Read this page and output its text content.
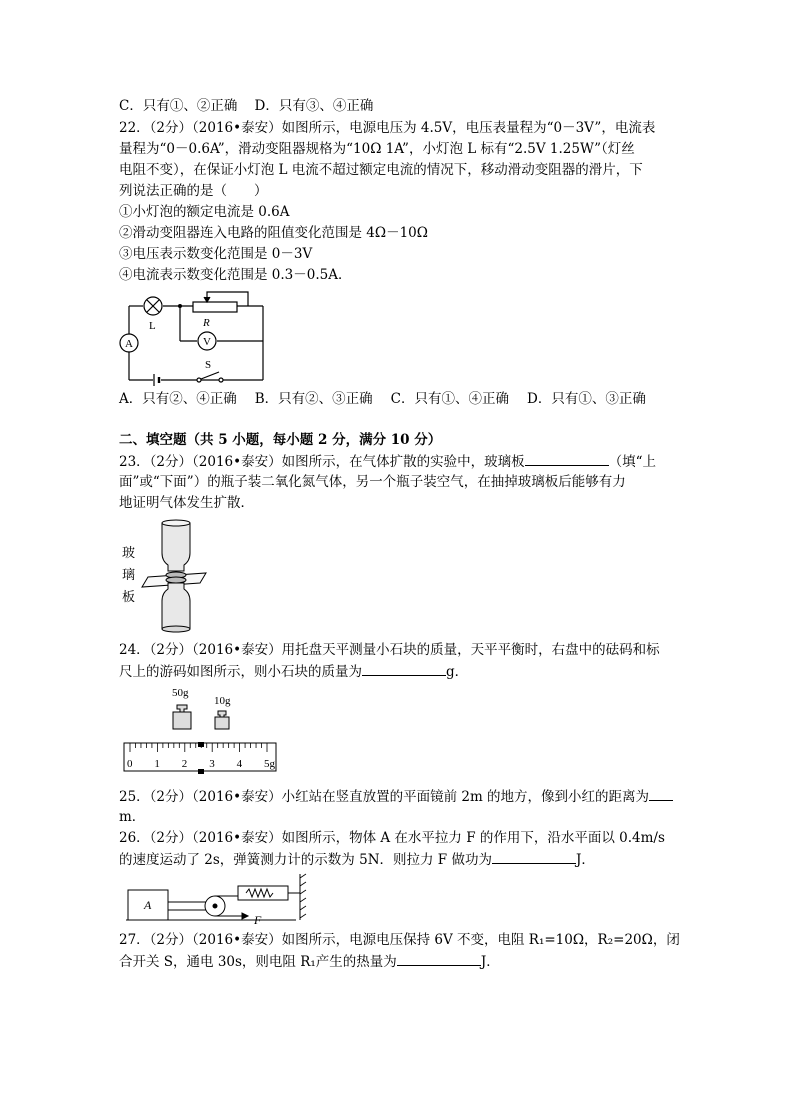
C．只有①、②正确 D．只有③、④正确
22．（2分）（2016•泰安）如图所示，电源电压为 4.5V，电压表量程为“0－3V”，电流表
量程为“0－0.6A”，滑动变阻器规格为“10Ω 1A”，小灯泡 L 标有“2.5V 1.25W”（灯丝
电阻不变），在保证小灯泡 L 电流不超过额定电流的情况下，移动滑动变阻器的滑片，下
列说法正确的是（　　）
①小灯泡的额定电流是 0.6A
②滑动变阻器连入电路的阻值变化范围是 4Ω－10Ω
③电压表示数变化范围是 0－3V
④电流表示数变化范围是 0.3－0.5A．
A
L	R
V
S
A．只有②、④正确 B．只有②、③正确 C．只有①、④正确 D．只有①、③正确
二、填空题（共 5 小题，每小题 2 分，满分 10 分）
23．（2分）（2016•泰安）如图所示，在气体扩散的实验中，玻璃板	（填“上
面”或“下面”）的瓶子装二氧化氮气体，另一个瓶子装空气，在抽掉玻璃板后能够有力
地证明气体发生扩散．
玻
璃
板
24．（2分）（2016•泰安）用托盘天平测量小石块的质量，天平平衡时，右盘中的砝码和标
尺上的游码如图所示，则小石块的质量为	g．
50g
10g
0 1 2 3 4 5g
25．（2分）（2016•泰安）小红站在竖直放置的平面镜前 2m 的地方，像到小红的距离为
m．
26．（2分）（2016•泰安）如图所示，物体 A 在水平拉力 F 的作用下，沿水平面以 0.4m/s
的速度运动了 2s，弹簧测力计的示数为 5N．则拉力 F 做功为	J．
A
F
27．（2分）（2016•泰安）如图所示，电源电压保持 6V 不变，电阻 R₁=10Ω，R₂=20Ω，闭
合开关 S，通电 30s，则电阻 R₁产生的热量为	J．
